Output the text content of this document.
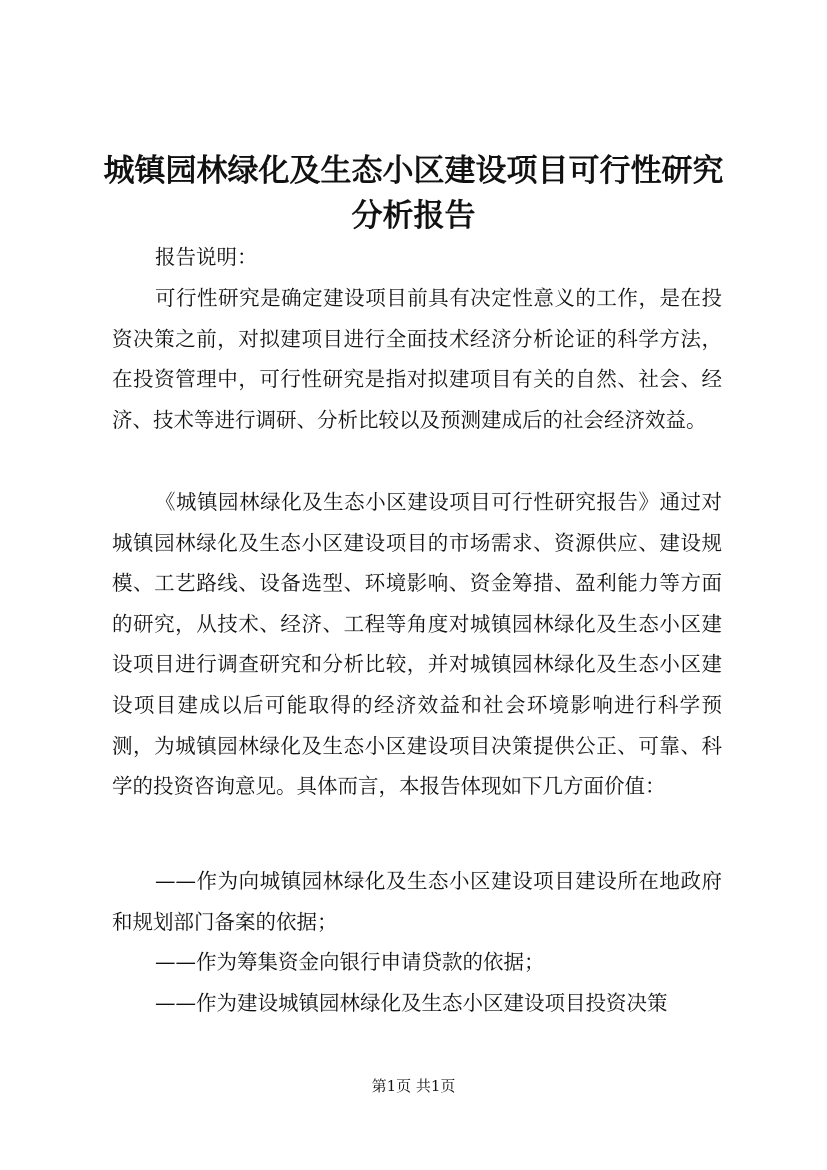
城镇园林绿化及生态小区建设项目可行性研究
分析报告

报告说明：

可行性研究是确定建设项目前具有决定性意义的工作，是在投资决策之前，对拟建项目进行全面技术经济分析论证的科学方法，在投资管理中，可行性研究是指对拟建项目有关的自然、社会、经济、技术等进行调研、分析比较以及预测建成后的社会经济效益。

《城镇园林绿化及生态小区建设项目可行性研究报告》通过对城镇园林绿化及生态小区建设项目的市场需求、资源供应、建设规模、工艺路线、设备选型、环境影响、资金筹措、盈利能力等方面的研究，从技术、经济、工程等角度对城镇园林绿化及生态小区建设项目进行调查研究和分析比较，并对城镇园林绿化及生态小区建设项目建成以后可能取得的经济效益和社会环境影响进行科学预测，为城镇园林绿化及生态小区建设项目决策提供公正、可靠、科学的投资咨询意见。具体而言，本报告体现如下几方面价值：

——作为向城镇园林绿化及生态小区建设项目建设所在地政府和规划部门备案的依据；

——作为筹集资金向银行申请贷款的依据；

——作为建设城镇园林绿化及生态小区建设项目投资决策

第1页 共1页
